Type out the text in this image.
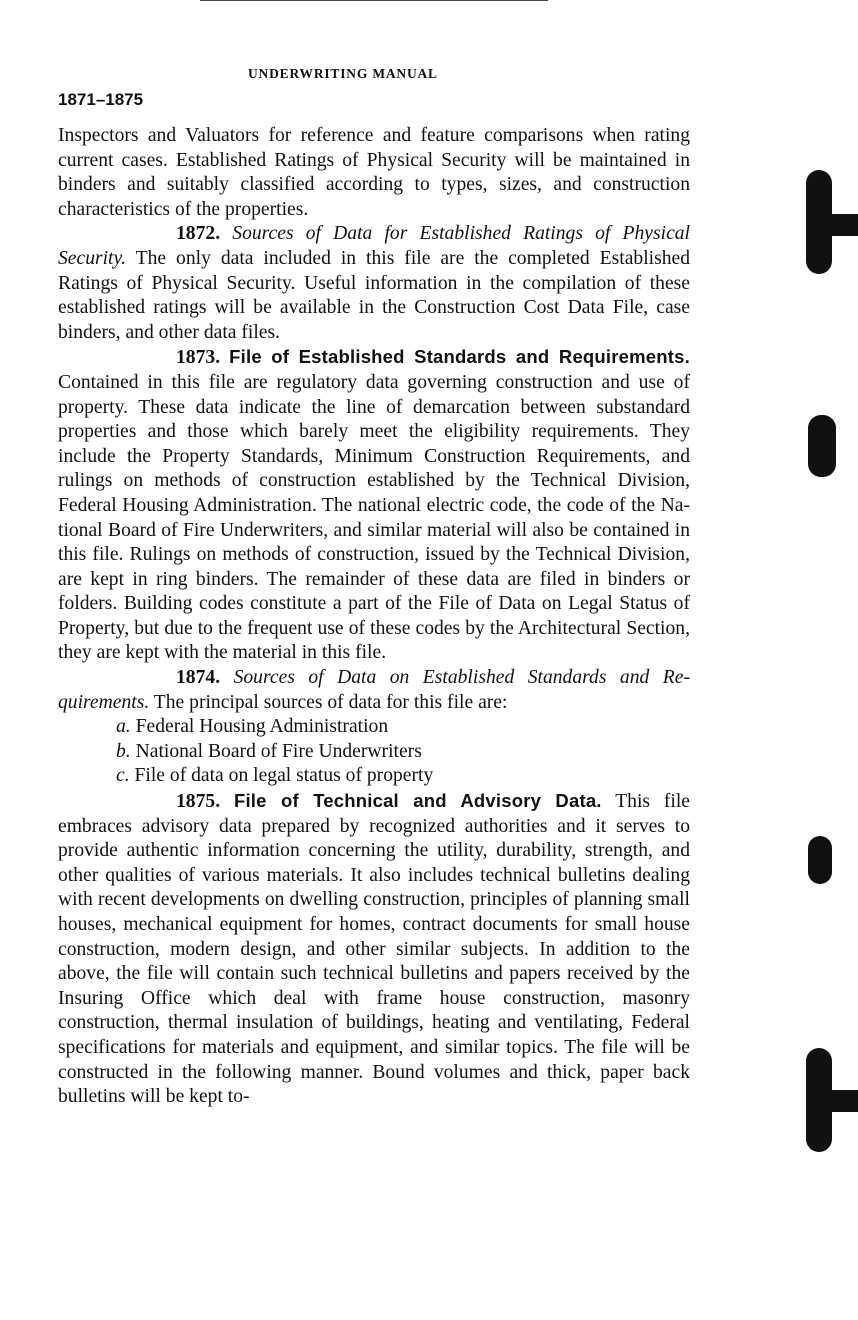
UNDERWRITING MANUAL
1871–1875

Inspectors and Valuators for reference and feature comparisons when rating current cases. Established Ratings of Physical Security will be maintained in binders and suitably classified according to types, sizes, and construction characteristics of the properties.

1872. Sources of Data for Established Ratings of Physical Security. The only data included in this file are the completed Established Ratings of Physical Security. Useful information in the compilation of these established ratings will be available in the Construction Cost Data File, case binders, and other data files.

1873. File of Established Standards and Requirements. Contained in this file are regulatory data governing construction and use of property. These data indicate the line of demarcation between substandard properties and those which barely meet the eligibility requirements. They include the Property Standards, Minimum Construction Requirements, and rulings on methods of construction established by the Technical Division, Federal Housing Administration. The national electric code, the code of the National Board of Fire Underwriters, and similar material will also be contained in this file. Rulings on methods of construction, issued by the Technical Division, are kept in ring binders. The remainder of these data are filed in binders or folders. Building codes constitute a part of the File of Data on Legal Status of Property, but due to the frequent use of these codes by the Architectural Section, they are kept with the material in this file.

1874. Sources of Data on Established Standards and Requirements. The principal sources of data for this file are:

a. Federal Housing Administration
b. National Board of Fire Underwriters
c. File of data on legal status of property

1875. File of Technical and Advisory Data. This file embraces advisory data prepared by recognized authorities and it serves to provide authentic information concerning the utility, durability, strength, and other qualities of various materials. It also includes technical bulletins dealing with recent developments on dwelling construction, principles of planning small houses, mechanical equipment for homes, contract documents for small house construction, modern design, and other similar subjects. In addition to the above, the file will contain such technical bulletins and papers received by the Insuring Office which deal with frame house construction, masonry construction, thermal insulation of buildings, heating and ventilating, Federal specifications for materials and equipment, and similar topics. The file will be constructed in the following manner. Bound volumes and thick, paper back bulletins will be kept to-
